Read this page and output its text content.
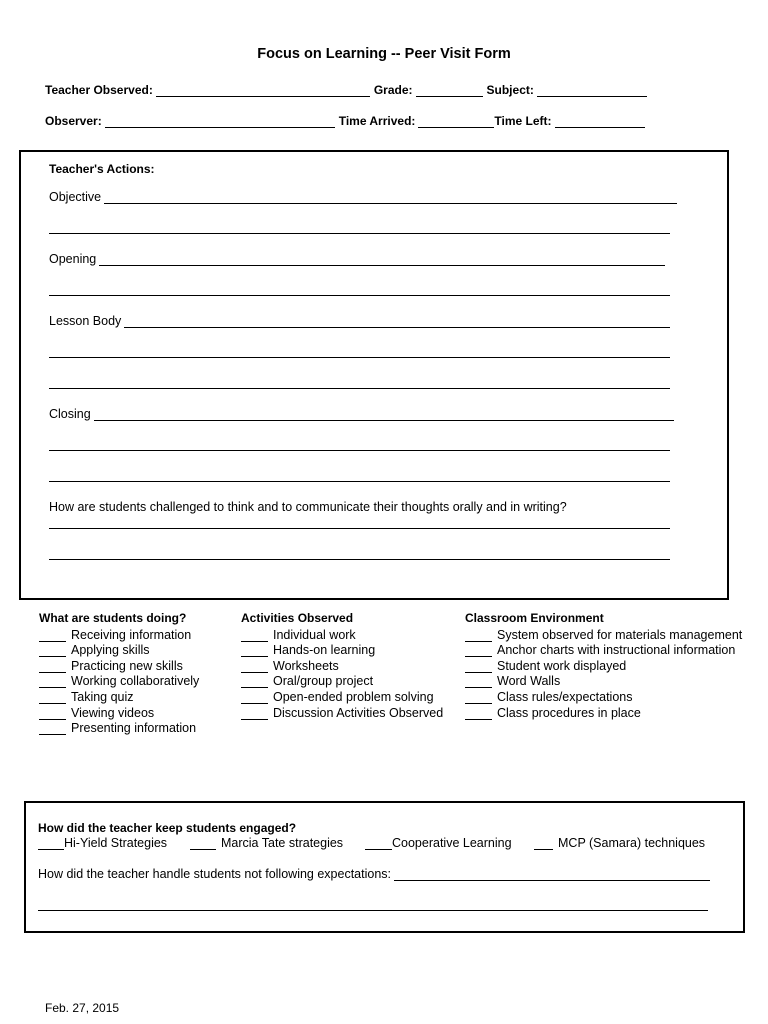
Focus on Learning -- Peer Visit Form
Teacher Observed:	Grade:	Subject:
Observer:	Time Arrived:	Time Left:
Teacher's Actions:
Objective
Opening
Lesson Body
Closing
How are students challenged to think and to communicate their thoughts orally and in writing?
What are students doing?
Receiving information
Applying skills
Practicing new skills
Working collaboratively
Taking quiz
Viewing videos
Presenting information
Activities Observed
Individual work
Hands-on learning
Worksheets
Oral/group project
Open-ended problem solving
Discussion Activities Observed
Classroom Environment
System observed for materials management
Anchor charts with instructional information
Student work displayed
Word Walls
Class rules/expectations
Class procedures in place
How did the teacher keep students engaged?
Hi-Yield Strategies	Marcia Tate strategies	Cooperative Learning	MCP (Samara) techniques
How did the teacher handle students not following expectations:
Feb. 27, 2015
